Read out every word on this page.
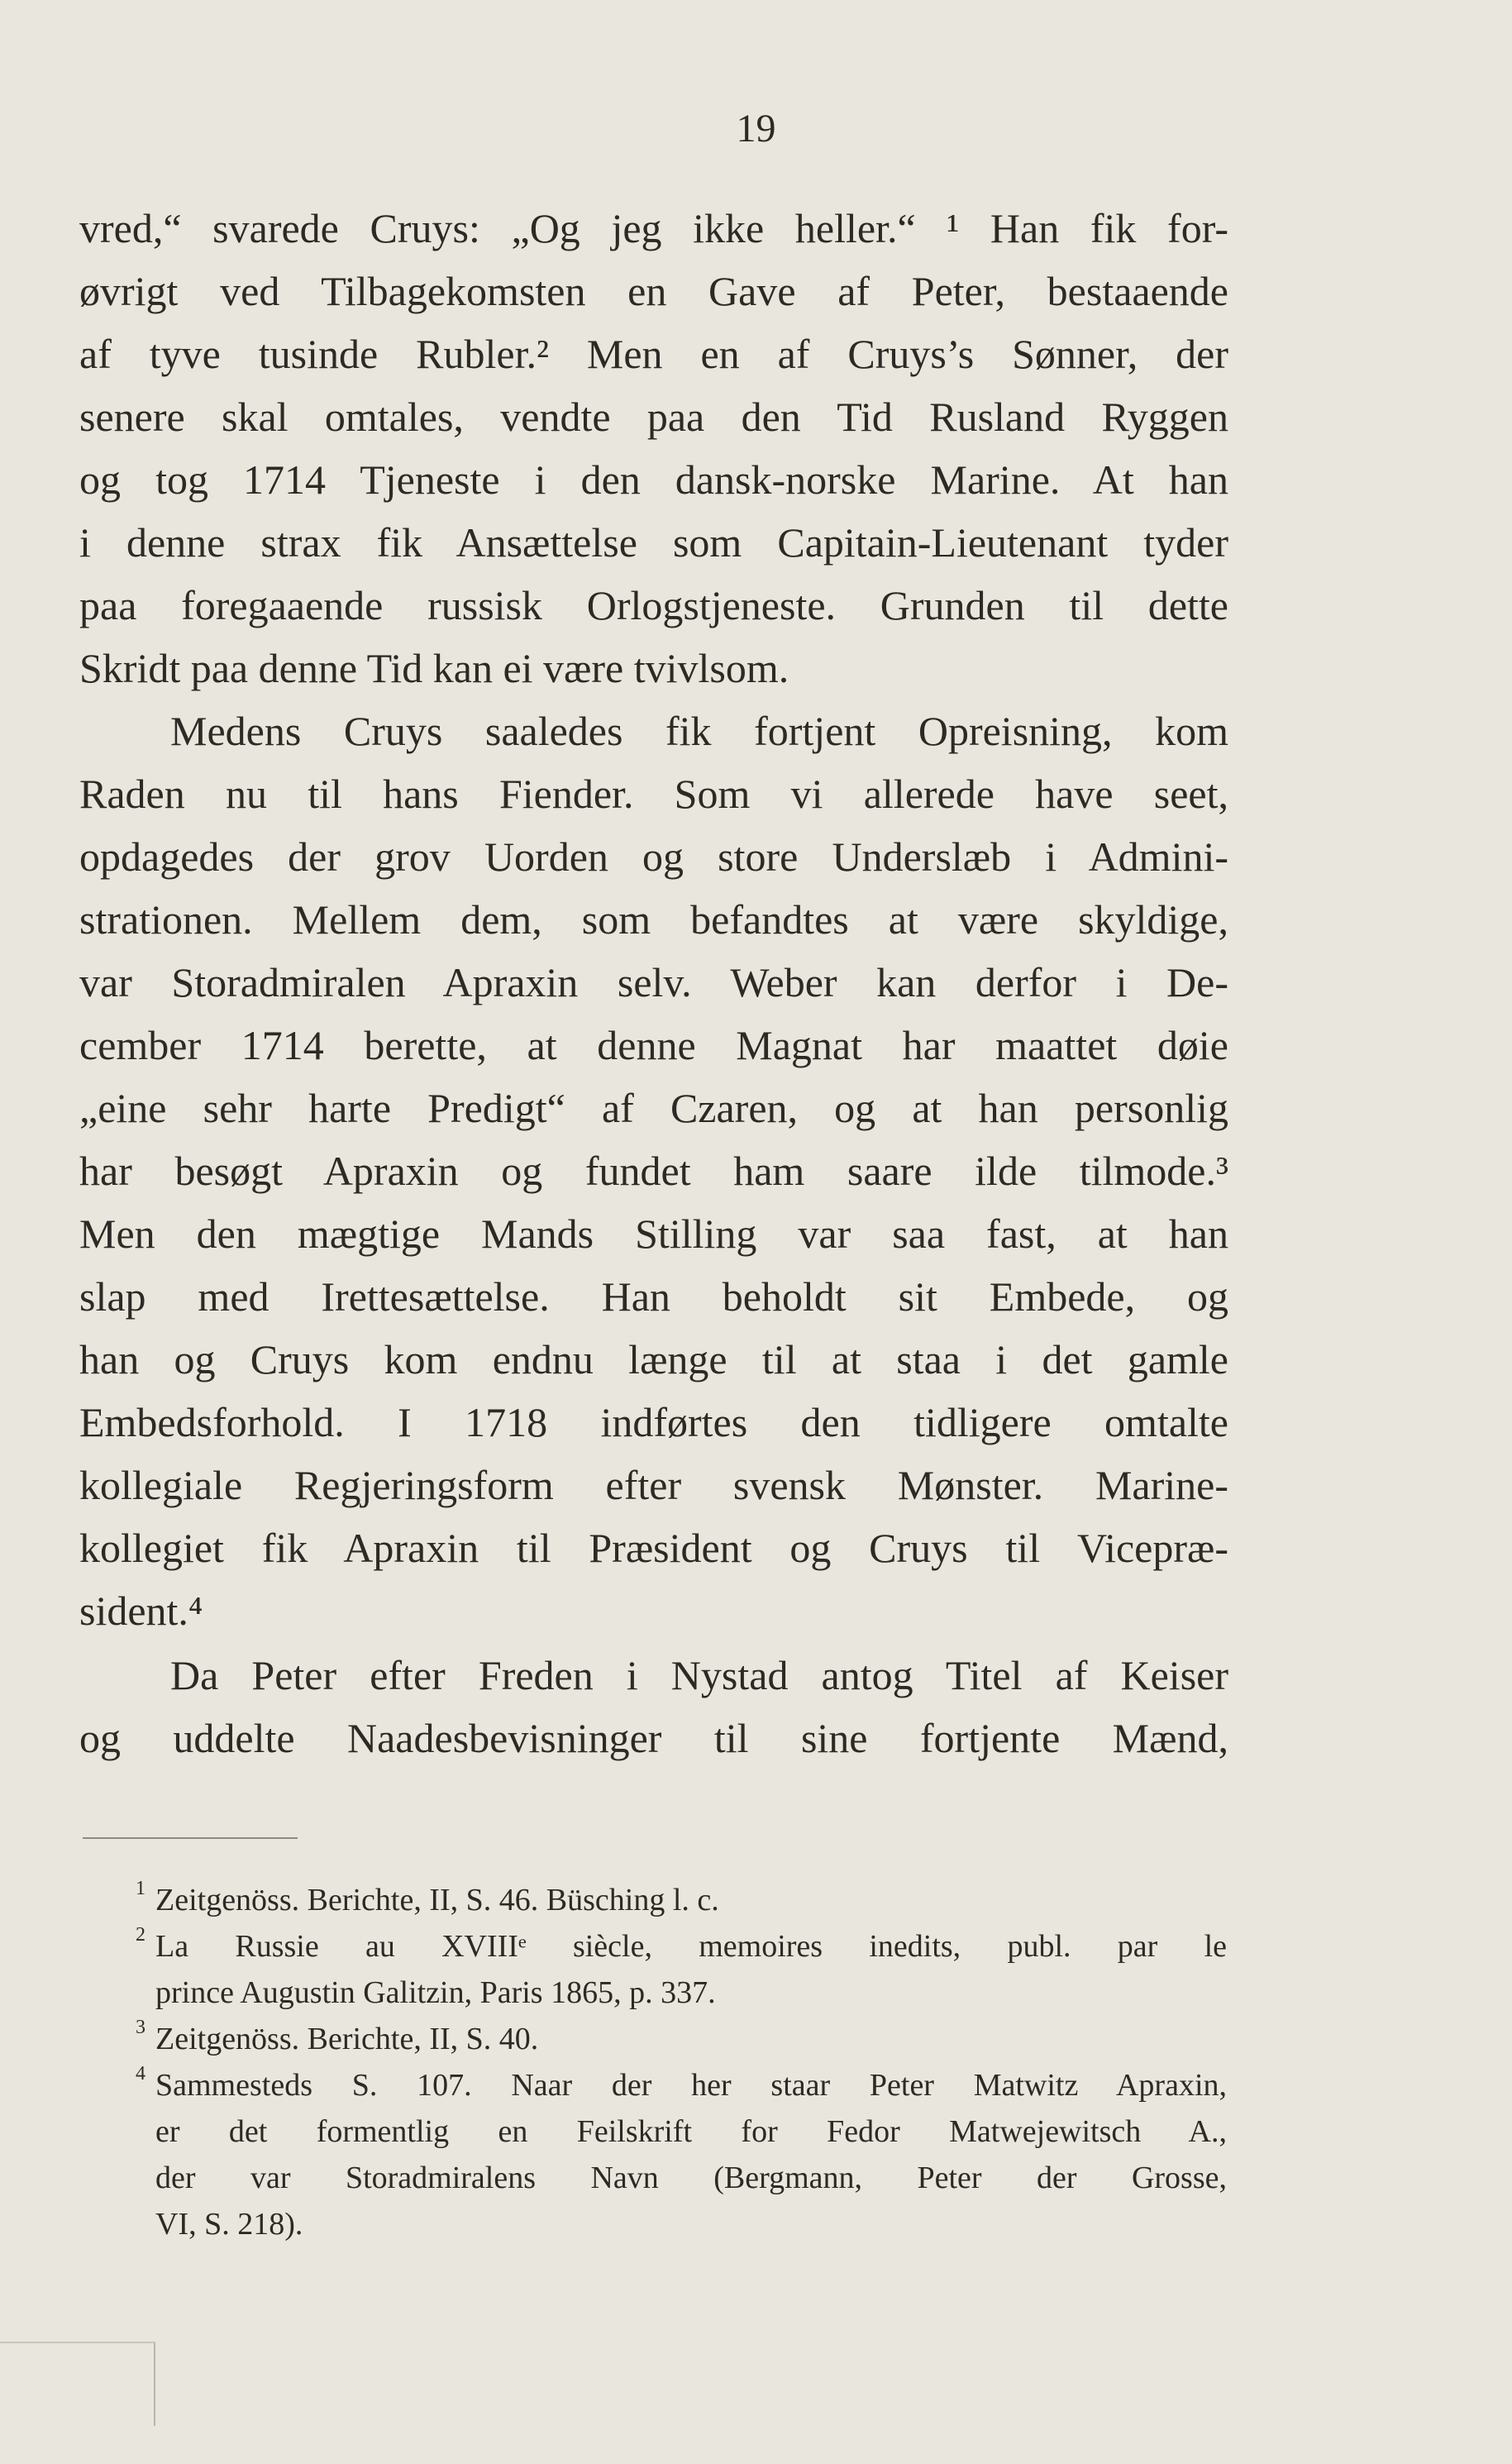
19
vred,“ svarede Cruys: „Og jeg ikke heller.“ ¹ Han fik for-
øvrigt ved Tilbagekomsten en Gave af Peter, bestaaende
af tyve tusinde Rubler.² Men en af Cruys’s Sønner, der
senere skal omtales, vendte paa den Tid Rusland Ryggen
og tog 1714 Tjeneste i den dansk-norske Marine. At han
i denne strax fik Ansættelse som Capitain-Lieutenant tyder
paa foregaaende russisk Orlogstjeneste. Grunden til dette
Skridt paa denne Tid kan ei være tvivlsom.
Medens Cruys saaledes fik fortjent Opreisning, kom
Raden nu til hans Fiender. Som vi allerede have seet,
opdagedes der grov Uorden og store Underslæb i Admini-
strationen. Mellem dem, som befandtes at være skyldige,
var Storadmiralen Apraxin selv. Weber kan derfor i De-
cember 1714 berette, at denne Magnat har maattet døie
„eine sehr harte Predigt“ af Czaren, og at han personlig
har besøgt Apraxin og fundet ham saare ilde tilmode.³
Men den mægtige Mands Stilling var saa fast, at han
slap med Irettesættelse. Han beholdt sit Embede, og
han og Cruys kom endnu længe til at staa i det gamle
Embedsforhold. I 1718 indførtes den tidligere omtalte
kollegiale Regjeringsform efter svensk Mønster. Marine-
kollegiet fik Apraxin til Præsident og Cruys til Vicepræ-
sident.⁴
Da Peter efter Freden i Nystad antog Titel af Keiser
og uddelte Naadesbevisninger til sine fortjente Mænd,
1 Zeitgenöss. Berichte, II, S. 46. Büsching l. c.
2 La Russie au XVIIIᵉ siècle, memoires inedits, publ. par le
prince Augustin Galitzin, Paris 1865, p. 337.
3 Zeitgenöss. Berichte, II, S. 40.
4 Sammesteds S. 107. Naar der her staar Peter Matwitz Apraxin,
er det formentlig en Feilskrift for Fedor Matwejewitsch A.,
der var Storadmiralens Navn (Bergmann, Peter der Grosse,
VI, S. 218).
